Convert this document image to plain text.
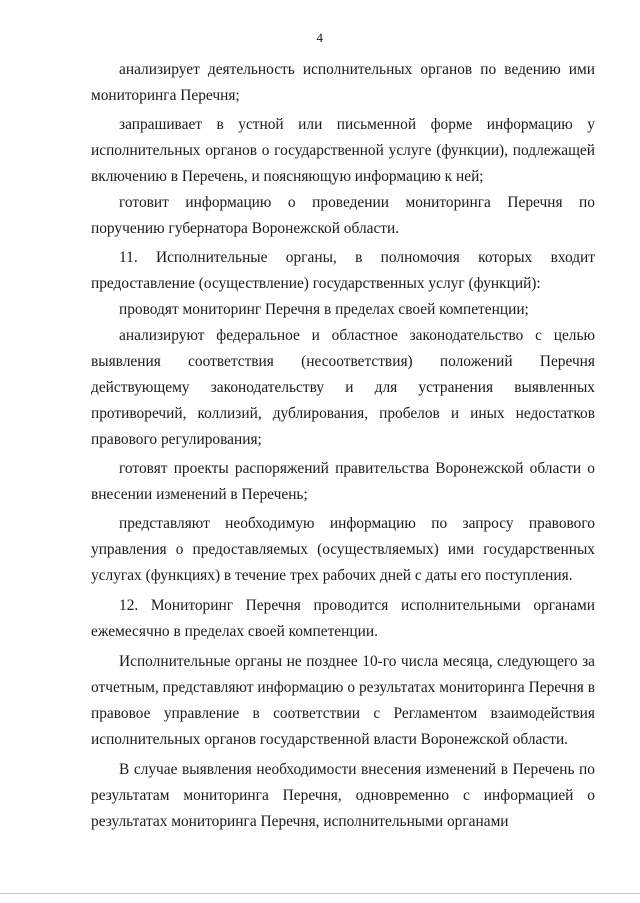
4

анализирует деятельность исполнительных органов по ведению ими мониторинга Перечня;

запрашивает в устной или письменной форме информацию у исполнительных органов о государственной услуге (функции), подлежащей включению в Перечень, и поясняющую информацию к ней;

готовит информацию о проведении мониторинга Перечня по поручению губернатора Воронежской области.

11. Исполнительные органы, в полномочия которых входит предоставление (осуществление) государственных услуг (функций):

проводят мониторинг Перечня в пределах своей компетенции;

анализируют федеральное и областное законодательство с целью выявления соответствия (несоответствия) положений Перечня действующему законодательству и для устранения выявленных противоречий, коллизий, дублирования, пробелов и иных недостатков правового регулирования;

готовят проекты распоряжений правительства Воронежской области о внесении изменений в Перечень;

представляют необходимую информацию по запросу правового управления о предоставляемых (осуществляемых) ими государственных услугах (функциях) в течение трех рабочих дней с даты его поступления.

12. Мониторинг Перечня проводится исполнительными органами ежемесячно в пределах своей компетенции.

Исполнительные органы не позднее 10-го числа месяца, следующего за отчетным, представляют информацию о результатах мониторинга Перечня в правовое управление в соответствии с Регламентом взаимодействия исполнительных органов государственной власти Воронежской области.

В случае выявления необходимости внесения изменений в Перечень по результатам мониторинга Перечня, одновременно с информацией о результатах мониторинга Перечня, исполнительными органами
